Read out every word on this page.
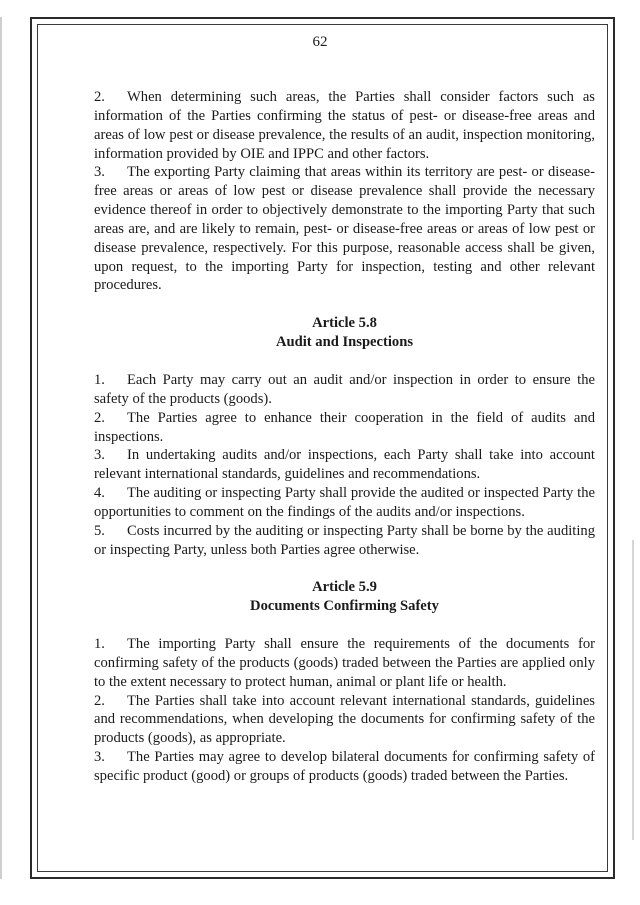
62

2. When determining such areas, the Parties shall consider factors such as information of the Parties confirming the status of pest- or disease-free areas and areas of low pest or disease prevalence, the results of an audit, inspection monitoring, information provided by OIE and IPPC and other factors.

3. The exporting Party claiming that areas within its territory are pest- or disease-free areas or areas of low pest or disease prevalence shall provide the necessary evidence thereof in order to objectively demonstrate to the importing Party that such areas are, and are likely to remain, pest- or disease-free areas or areas of low pest or disease prevalence, respectively. For this purpose, reasonable access shall be given, upon request, to the importing Party for inspection, testing and other relevant procedures.

Article 5.8

Audit and Inspections

1. Each Party may carry out an audit and/or inspection in order to ensure the safety of the products (goods).

2. The Parties agree to enhance their cooperation in the field of audits and inspections.

3. In undertaking audits and/or inspections, each Party shall take into account relevant international standards, guidelines and recommendations.

4. The auditing or inspecting Party shall provide the audited or inspected Party the opportunities to comment on the findings of the audits and/or inspections.

5. Costs incurred by the auditing or inspecting Party shall be borne by the auditing or inspecting Party, unless both Parties agree otherwise.

Article 5.9

Documents Confirming Safety

1. The importing Party shall ensure the requirements of the documents for confirming safety of the products (goods) traded between the Parties are applied only to the extent necessary to protect human, animal or plant life or health.

2. The Parties shall take into account relevant international standards, guidelines and recommendations, when developing the documents for confirming safety of the products (goods), as appropriate.

3. The Parties may agree to develop bilateral documents for confirming safety of specific product (good) or groups of products (goods) traded between the Parties.
